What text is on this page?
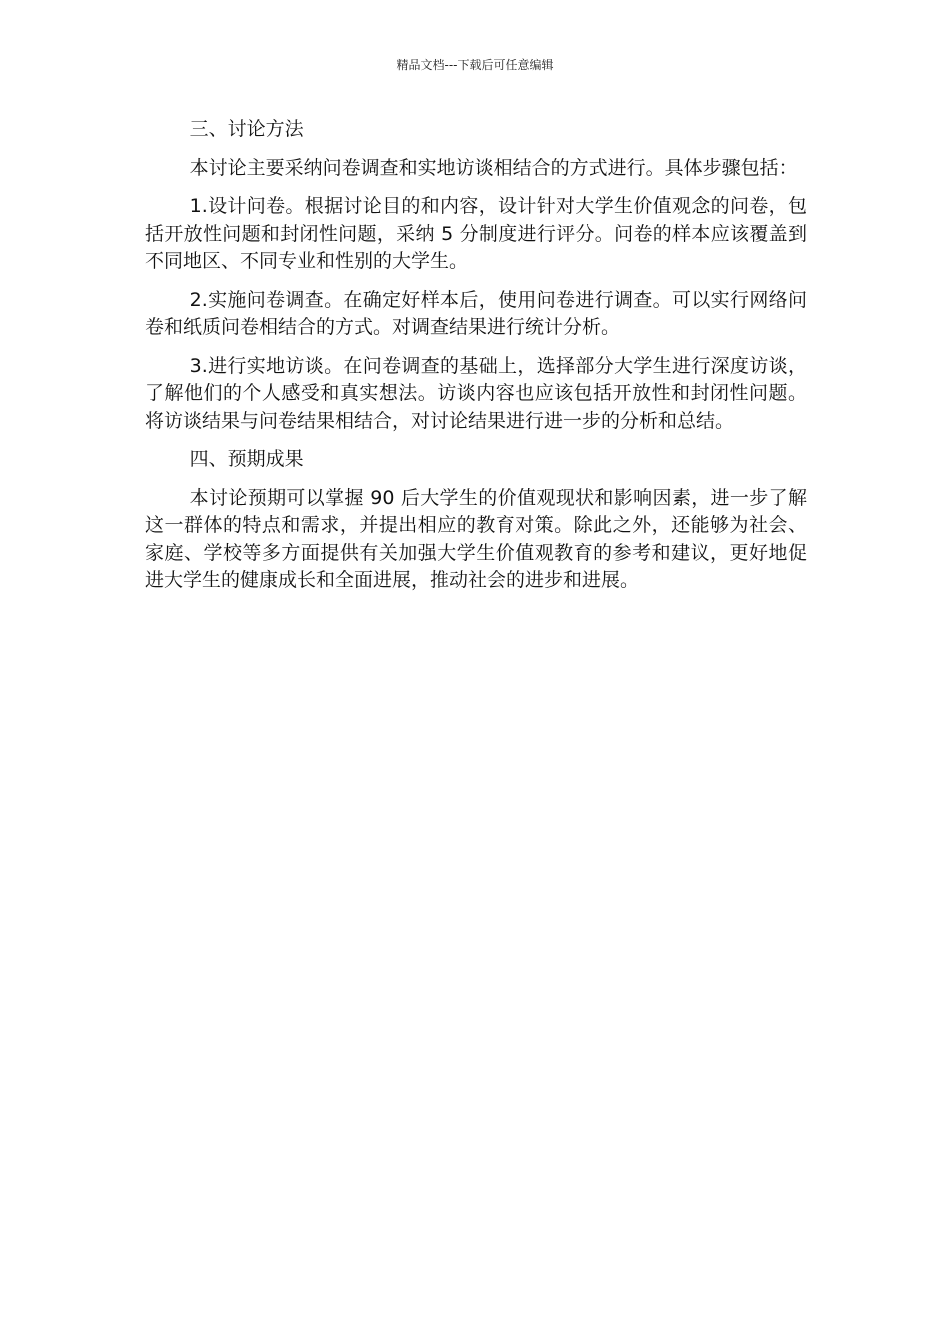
精品文档---下载后可任意编辑

三、讨论方法

本讨论主要采纳问卷调查和实地访谈相结合的方式进行。具体步骤包括：

1.设计问卷。根据讨论目的和内容，设计针对大学生价值观念的问卷，包括开放性问题和封闭性问题，采纳 5 分制度进行评分。问卷的样本应该覆盖到不同地区、不同专业和性别的大学生。

2.实施问卷调查。在确定好样本后，使用问卷进行调查。可以实行网络问卷和纸质问卷相结合的方式。对调查结果进行统计分析。

3.进行实地访谈。在问卷调查的基础上，选择部分大学生进行深度访谈，了解他们的个人感受和真实想法。访谈内容也应该包括开放性和封闭性问题。将访谈结果与问卷结果相结合，对讨论结果进行进一步的分析和总结。

四、预期成果

本讨论预期可以掌握 90 后大学生的价值观现状和影响因素，进一步了解这一群体的特点和需求，并提出相应的教育对策。除此之外，还能够为社会、家庭、学校等多方面提供有关加强大学生价值观教育的参考和建议，更好地促进大学生的健康成长和全面进展，推动社会的进步和进展。
